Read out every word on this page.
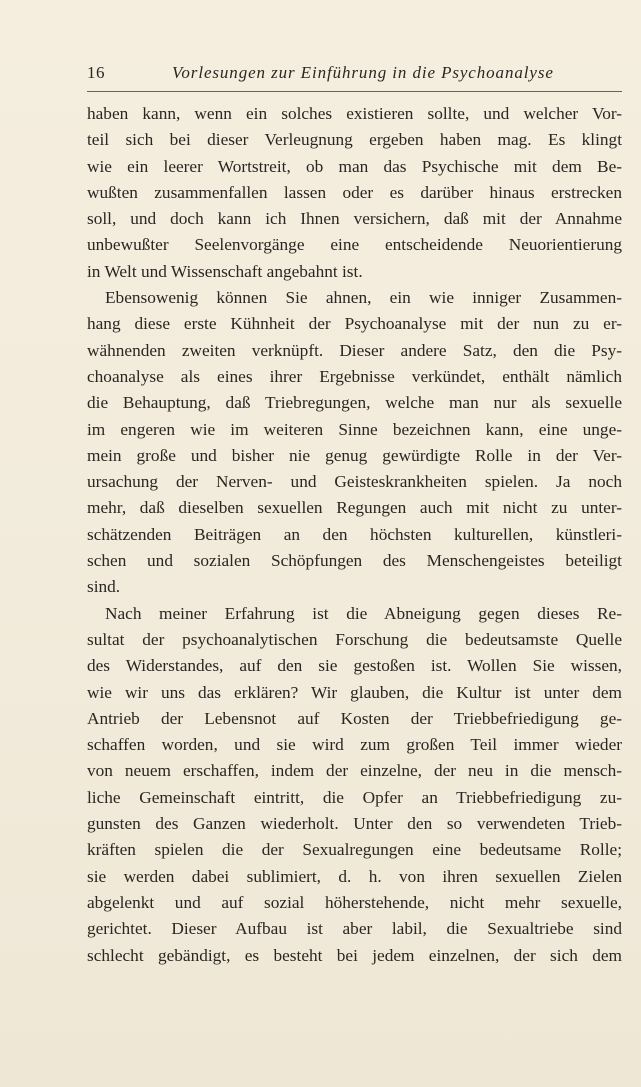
16	Vorlesungen zur Einführung in die Psychoanalyse
haben kann, wenn ein solches existieren sollte, und welcher Vor-
teil sich bei dieser Verleugnung ergeben haben mag. Es klingt
wie ein leerer Wortstreit, ob man das Psychische mit dem Be-
wußten zusammenfallen lassen oder es darüber hinaus erstrecken
soll, und doch kann ich Ihnen versichern, daß mit der Annahme
unbewußter Seelenvorgänge eine entscheidende Neuorientierung
in Welt und Wissenschaft angebahnt ist.
Ebensowenig können Sie ahnen, ein wie inniger Zusammen-
hang diese erste Kühnheit der Psychoanalyse mit der nun zu er-
wähnenden zweiten verknüpft. Dieser andere Satz, den die Psy-
choanalyse als eines ihrer Ergebnisse verkündet, enthält nämlich
die Behauptung, daß Triebregungen, welche man nur als sexuelle
im engeren wie im weiteren Sinne bezeichnen kann, eine unge-
mein große und bisher nie genug gewürdigte Rolle in der Ver-
ursachung der Nerven- und Geisteskrankheiten spielen. Ja noch
mehr, daß dieselben sexuellen Regungen auch mit nicht zu unter-
schätzenden Beiträgen an den höchsten kulturellen, künstleri-
schen und sozialen Schöpfungen des Menschengeistes beteiligt
sind.
Nach meiner Erfahrung ist die Abneigung gegen dieses Re-
sultat der psychoanalytischen Forschung die bedeutsamste Quelle
des Widerstandes, auf den sie gestoßen ist. Wollen Sie wissen,
wie wir uns das erklären? Wir glauben, die Kultur ist unter dem
Antrieb der Lebensnot auf Kosten der Triebbefriedigung ge-
schaffen worden, und sie wird zum großen Teil immer wieder
von neuem erschaffen, indem der einzelne, der neu in die mensch-
liche Gemeinschaft eintritt, die Opfer an Triebbefriedigung zu-
gunsten des Ganzen wiederholt. Unter den so verwendeten Trieb-
kräften spielen die der Sexualregungen eine bedeutsame Rolle;
sie werden dabei sublimiert, d. h. von ihren sexuellen Zielen
abgelenkt und auf sozial höherstehende, nicht mehr sexuelle,
gerichtet. Dieser Aufbau ist aber labil, die Sexualtriebe sind
schlecht gebändigt, es besteht bei jedem einzelnen, der sich dem
